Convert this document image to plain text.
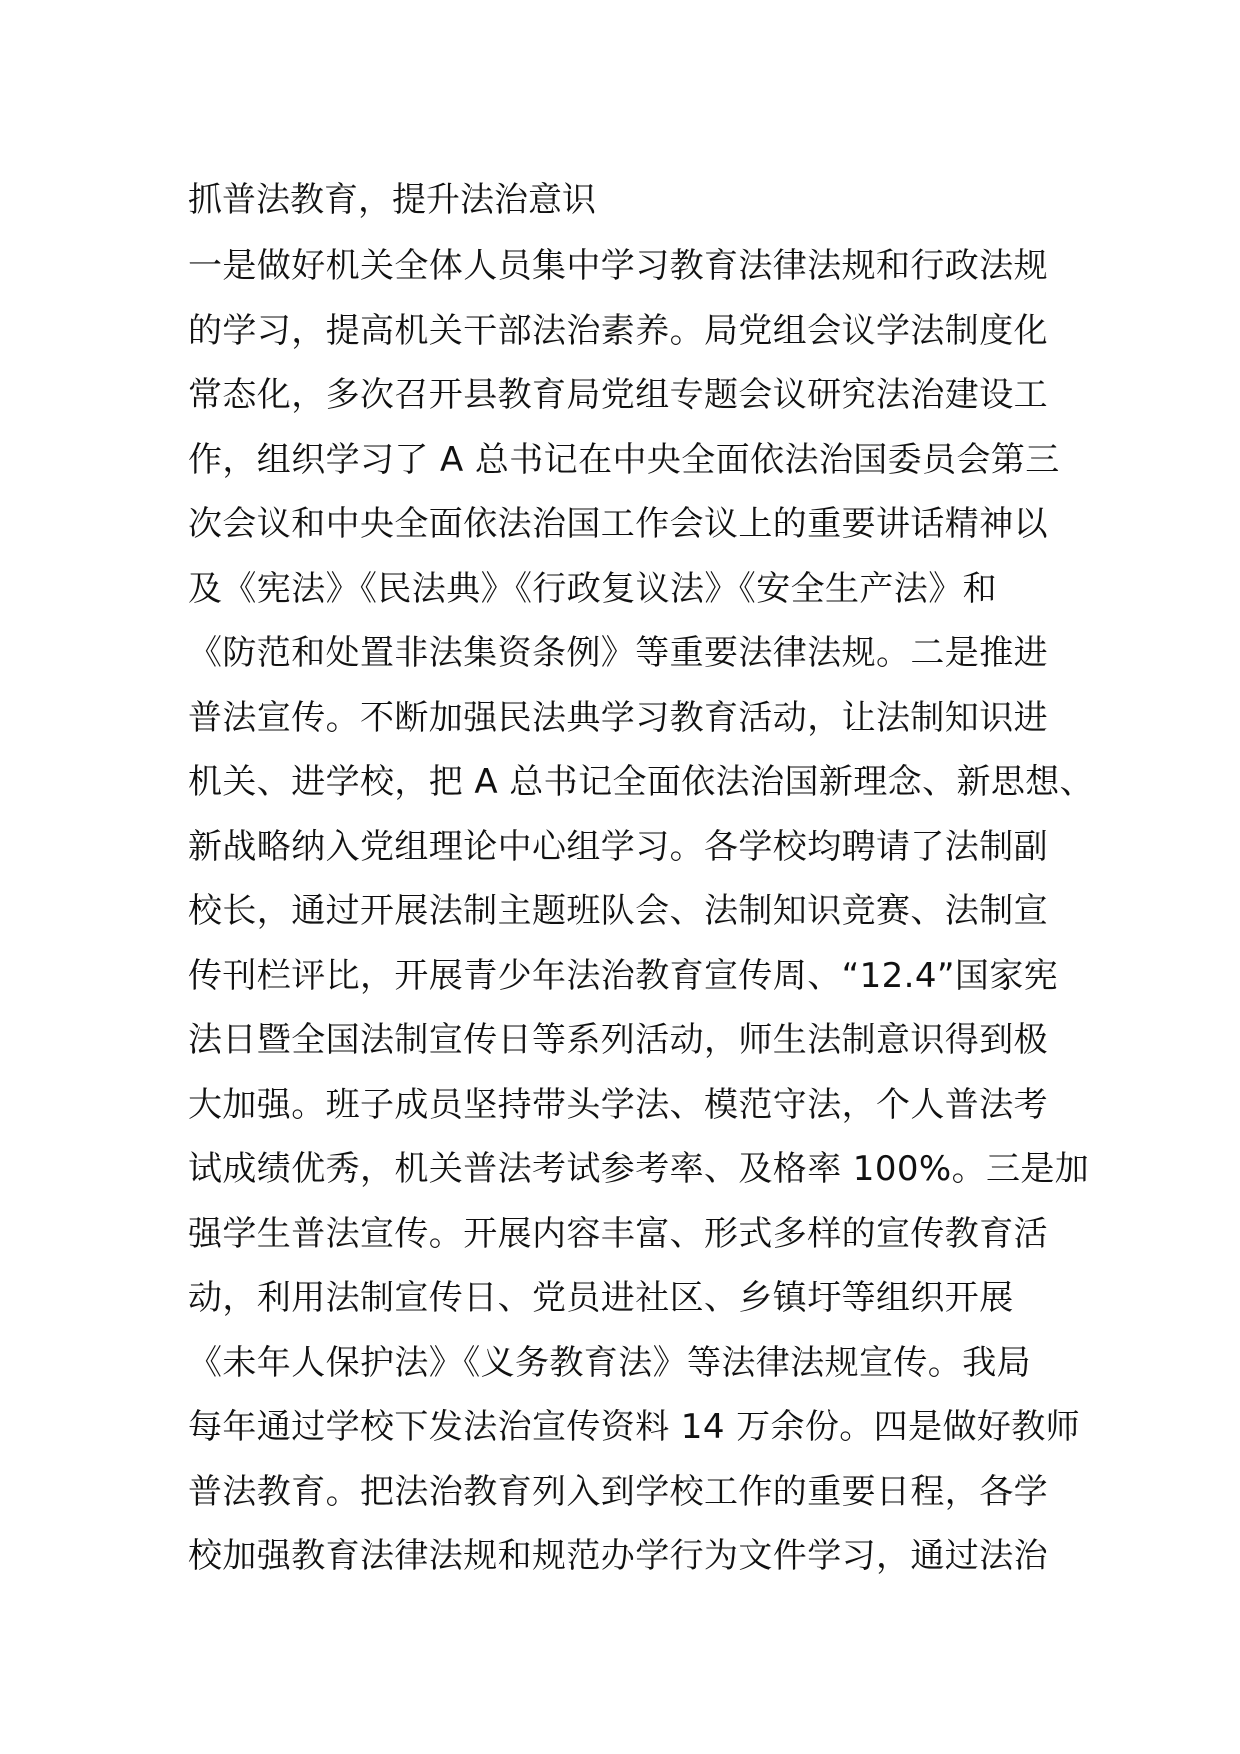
抓普法教育，提升法治意识
一是做好机关全体人员集中学习教育法律法规和行政法规
的学习，提高机关干部法治素养。局党组会议学法制度化
常态化，多次召开县教育局党组专题会议研究法治建设工
作，组织学习了 A 总书记在中央全面依法治国委员会第三
次会议和中央全面依法治国工作会议上的重要讲话精神以
及《宪法》《民法典》《行政复议法》《安全生产法》和
《防范和处置非法集资条例》等重要法律法规。二是推进
普法宣传。不断加强民法典学习教育活动，让法制知识进
机关、进学校，把 A 总书记全面依法治国新理念、新思想、
新战略纳入党组理论中心组学习。各学校均聘请了法制副
校长，通过开展法制主题班队会、法制知识竞赛、法制宣
传刊栏评比，开展青少年法治教育宣传周、“12.4”国家宪
法日暨全国法制宣传日等系列活动，师生法制意识得到极
大加强。班子成员坚持带头学法、模范守法，个人普法考
试成绩优秀，机关普法考试参考率、及格率 100%。三是加
强学生普法宣传。开展内容丰富、形式多样的宣传教育活
动，利用法制宣传日、党员进社区、乡镇圩等组织开展
《未年人保护法》《义务教育法》等法律法规宣传。我局
每年通过学校下发法治宣传资料 14 万余份。四是做好教师
普法教育。把法治教育列入到学校工作的重要日程，各学
校加强教育法律法规和规范办学行为文件学习，通过法治
